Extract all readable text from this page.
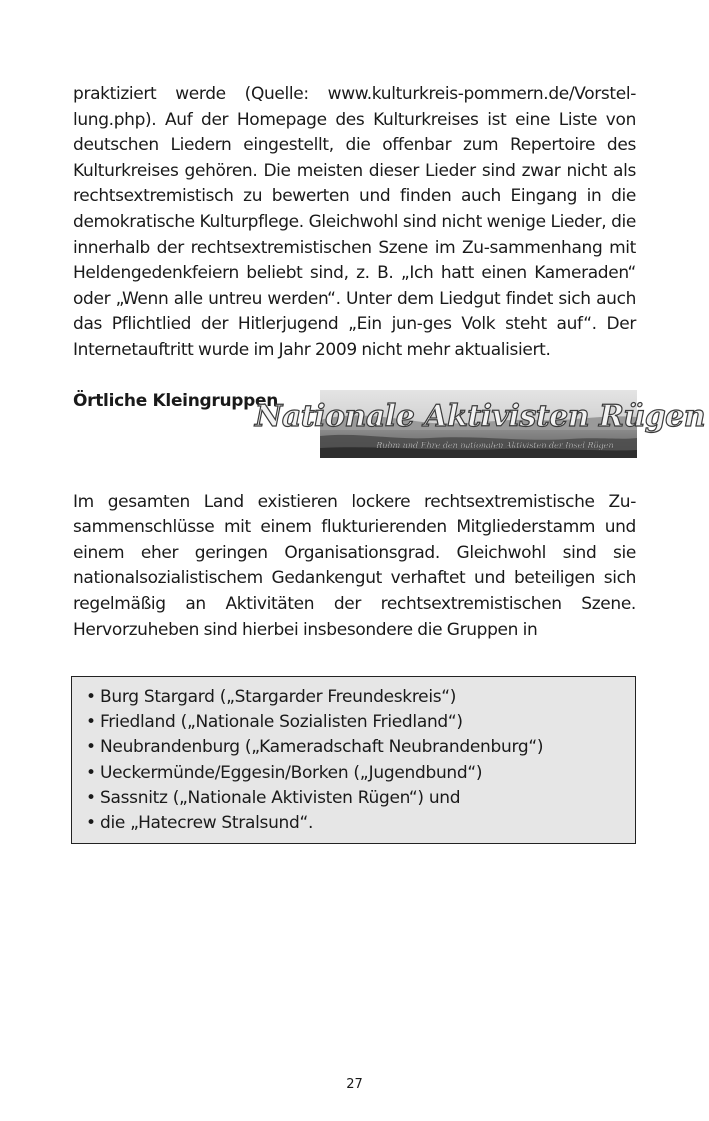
praktiziert werde (Quelle: www.kulturkreis-pommern.de/Vorstel-lung.php). Auf der Homepage des Kulturkreises ist eine Liste von deutschen Liedern eingestellt, die offenbar zum Repertoire des Kulturkreises gehören. Die meisten dieser Lieder sind zwar nicht als rechtsextremistisch zu bewerten und finden auch Eingang in die demokratische Kulturpflege. Gleichwohl sind nicht wenige Lieder, die innerhalb der rechtsextremistischen Szene im Zu-sammenhang mit Heldengedenkfeiern beliebt sind, z. B. „Ich hatt einen Kameraden“ oder „Wenn alle untreu werden“. Unter dem Liedgut findet sich auch das Pflichtlied der Hitlerjugend „Ein jun-ges Volk steht auf“. Der Internetauftritt wurde im Jahr 2009 nicht mehr aktualisiert.

Örtliche Kleingruppen
Nationale Aktivisten Rügen
Ruhm und Ehre den nationalen Aktivisten der Insel Rügen

Im gesamten Land existieren lockere rechtsextremistische Zu-sammenschlüsse mit einem flukturierenden Mitgliederstamm und einem eher geringen Organisationsgrad. Gleichwohl sind sie nationalsozialistischem Gedankengut verhaftet und beteiligen sich regelmäßig an Aktivitäten der rechtsextremistischen Szene. Hervorzuheben sind hierbei insbesondere die Gruppen in

• Burg Stargard („Stargarder Freundeskreis“)
• Friedland („Nationale Sozialisten Friedland“)
• Neubrandenburg („Kameradschaft Neubrandenburg“)
• Ueckermünde/Eggesin/Borken („Jugendbund“)
• Sassnitz („Nationale Aktivisten Rügen“) und
• die „Hatecrew Stralsund“.
27
